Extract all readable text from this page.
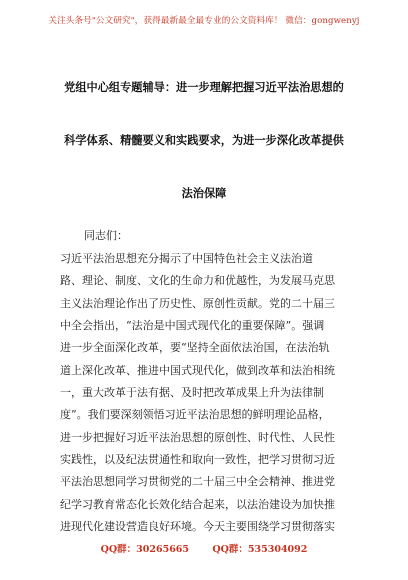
关注头条号"公文研究"，获得最新最全最专业的公文资料库！ 微信：gongwenyj
党组中心组专题辅导：进一步理解把握习近平法治思想的
科学体系、精髓要义和实践要求，为进一步深化改革提供
法治保障
同志们：
习近平法治思想充分揭示了中国特色社会主义法治道
路、理论、制度、文化的生命力和优越性，为发展马克思
主义法治理论作出了历史性、原创性贡献。党的二十届三
中全会指出，“法治是中国式现代化的重要保障”。强调
进一步全面深化改革，要“坚持全面依法治国，在法治轨
道上深化改革、推进中国式现代化，做到改革和法治相统
一，重大改革于法有据、及时把改革成果上升为法律制
度”。我们要深刻领悟习近平法治思想的鲜明理论品格，
进一步把握好习近平法治思想的原创性、时代性、人民性
实践性，以及纪法贯通性和取向一致性，把学习贯彻习近
平法治思想同学习贯彻党的二十届三中全会精神、推进党
纪学习教育常态化长效化结合起来，以法治建设为加快推
进现代化建设营造良好环境。今天主要围绕学习贯彻落实
QQ群：30265665 QQ群：535304092
